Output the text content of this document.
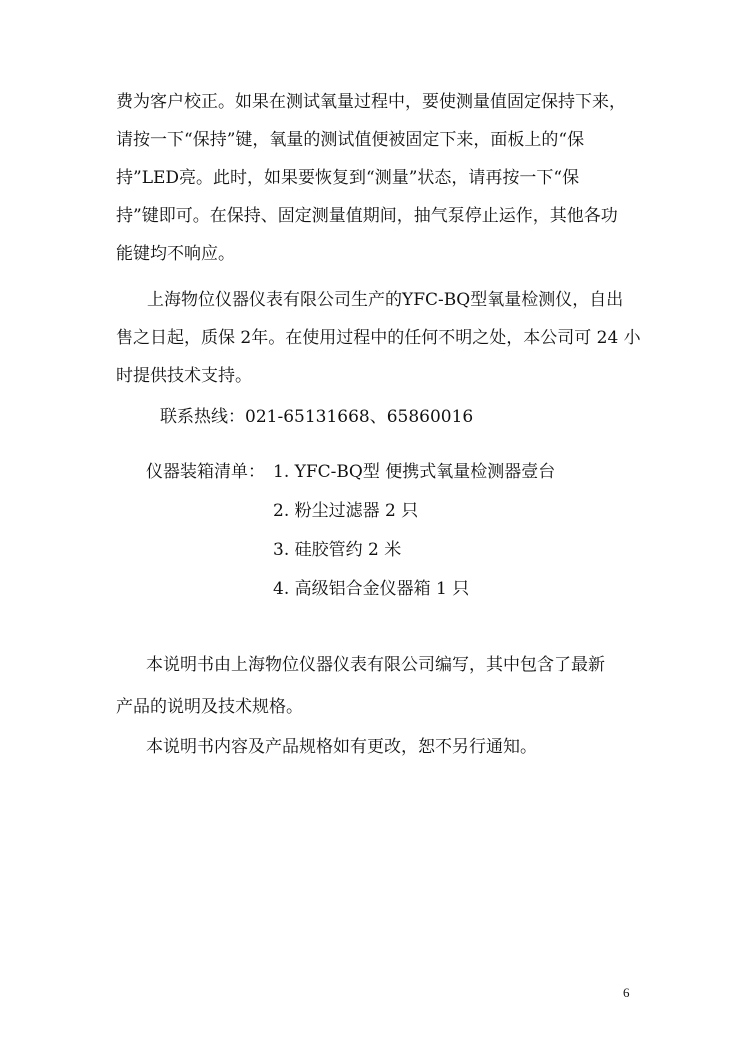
费为客户校正。如果在测试氧量过程中，要使测量值固定保持下来，

请按一下“保持”键，氧量的测试值便被固定下来，面板上的“保

持”LED亮。此时，如果要恢复到“测量”状态，请再按一下“保

持”键即可。在保持、固定测量值期间，抽气泵停止运作，其他各功

能键均不响应。

上海物位仪器仪表有限公司生产的YFC-BQ型氧量检测仪，自出

售之日起，质保 2年。在使用过程中的任何不明之处，本公司可 24 小

时提供技术支持。

联系热线：021-65131668、65860016

仪器装箱清单： 1. YFC-BQ型 便携式氧量检测器壹台

2. 粉尘过滤器 2 只

3. 硅胶管约 2 米

4. 高级铝合金仪器箱 1 只

本说明书由上海物位仪器仪表有限公司编写，其中包含了最新

产品的说明及技术规格。

本说明书内容及产品规格如有更改，恕不另行通知。

6
